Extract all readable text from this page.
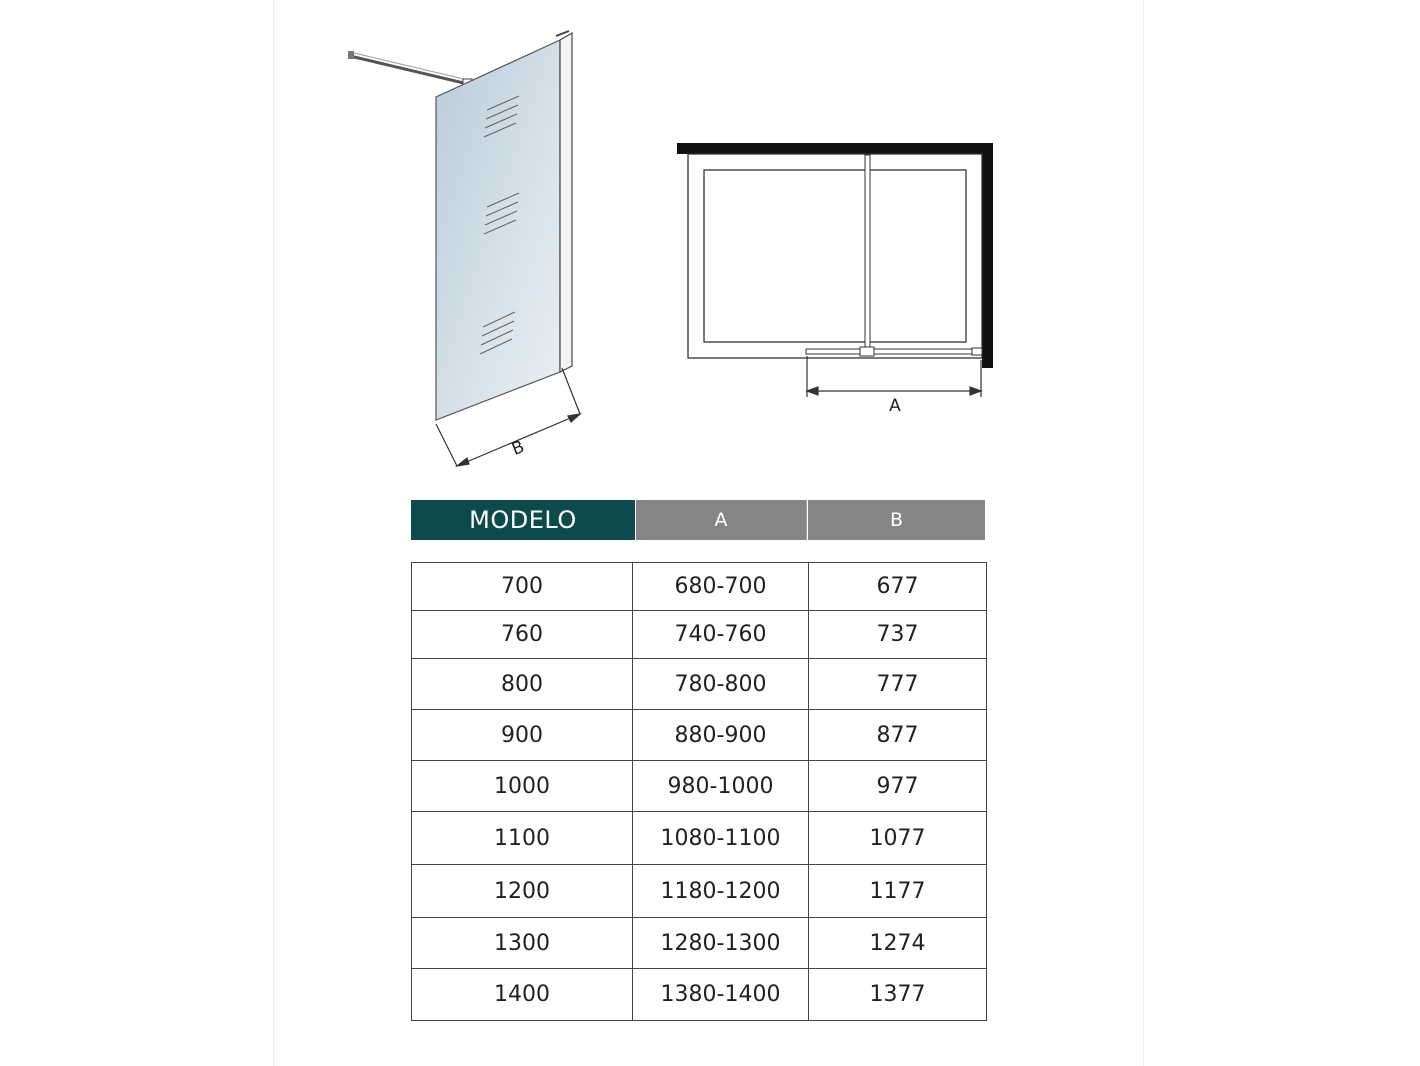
B
A
MODELO	A	B
700	680-700	677
760	740-760	737
800	780-800	777
900	880-900	877
1000	980-1000	977
1100	1080-1100	1077
1200	1180-1200	1177
1300	1280-1300	1274
1400	1380-1400	1377
